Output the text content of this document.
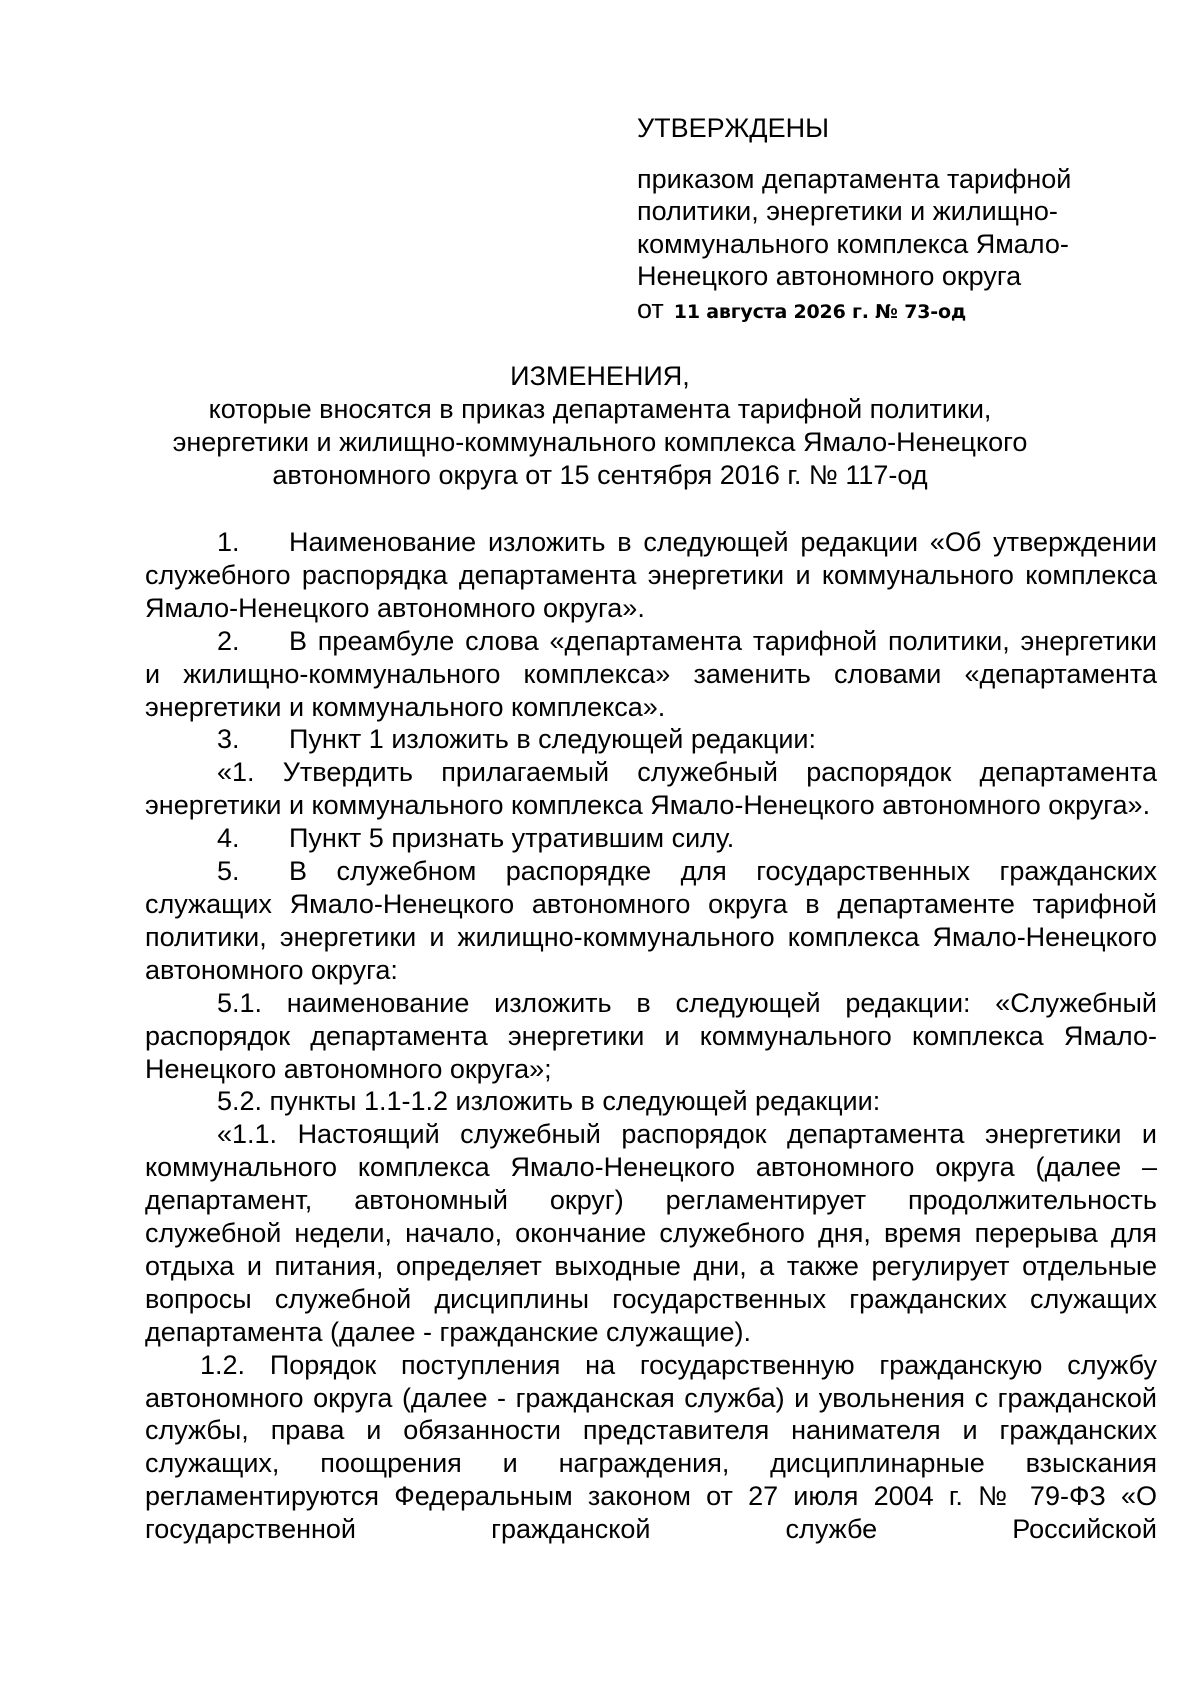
УТВЕРЖДЕНЫ

приказом департамента тарифной политики, энергетики и жилищно-коммунального комплекса Ямало-Ненецкого автономного округа

от 11 августа 2026 г. № 73-од

ИЗМЕНЕНИЯ,

которые вносятся в приказ департамента тарифной политики, энергетики и жилищно-коммунального комплекса Ямало-Ненецкого автономного округа от 15 сентября 2016 г. № 117-од

1. Наименование изложить в следующей редакции «Об утверждении служебного распорядка департамента энергетики и коммунального комплекса Ямало-Ненецкого автономного округа».

2. В преамбуле слова «департамента тарифной политики, энергетики и жилищно-коммунального комплекса» заменить словами «департамента энергетики и коммунального комплекса».

3. Пункт 1 изложить в следующей редакции:

«1. Утвердить прилагаемый служебный распорядок департамента энергетики и коммунального комплекса Ямало-Ненецкого автономного округа».

4. Пункт 5 признать утратившим силу.

5. В служебном распорядке для государственных гражданских служащих Ямало-Ненецкого автономного округа в департаменте тарифной политики, энергетики и жилищно-коммунального комплекса Ямало-Ненецкого автономного округа:

5.1. наименование изложить в следующей редакции: «Служебный распорядок департамента энергетики и коммунального комплекса Ямало-Ненецкого автономного округа»;

5.2. пункты 1.1-1.2 изложить в следующей редакции:

«1.1. Настоящий служебный распорядок департамента энергетики и коммунального комплекса Ямало-Ненецкого автономного округа (далее – департамент, автономный округ) регламентирует продолжительность служебной недели, начало, окончание служебного дня, время перерыва для отдыха и питания, определяет выходные дни, а также регулирует отдельные вопросы служебной дисциплины государственных гражданских служащих департамента (далее - гражданские служащие).

1.2. Порядок поступления на государственную гражданскую службу автономного округа (далее - гражданская служба) и увольнения с гражданской службы, права и обязанности представителя нанимателя и гражданских служащих, поощрения и награждения, дисциплинарные взыскания регламентируются Федеральным законом от 27 июля 2004 г. № 79-ФЗ «О государственной гражданской службе Российской
